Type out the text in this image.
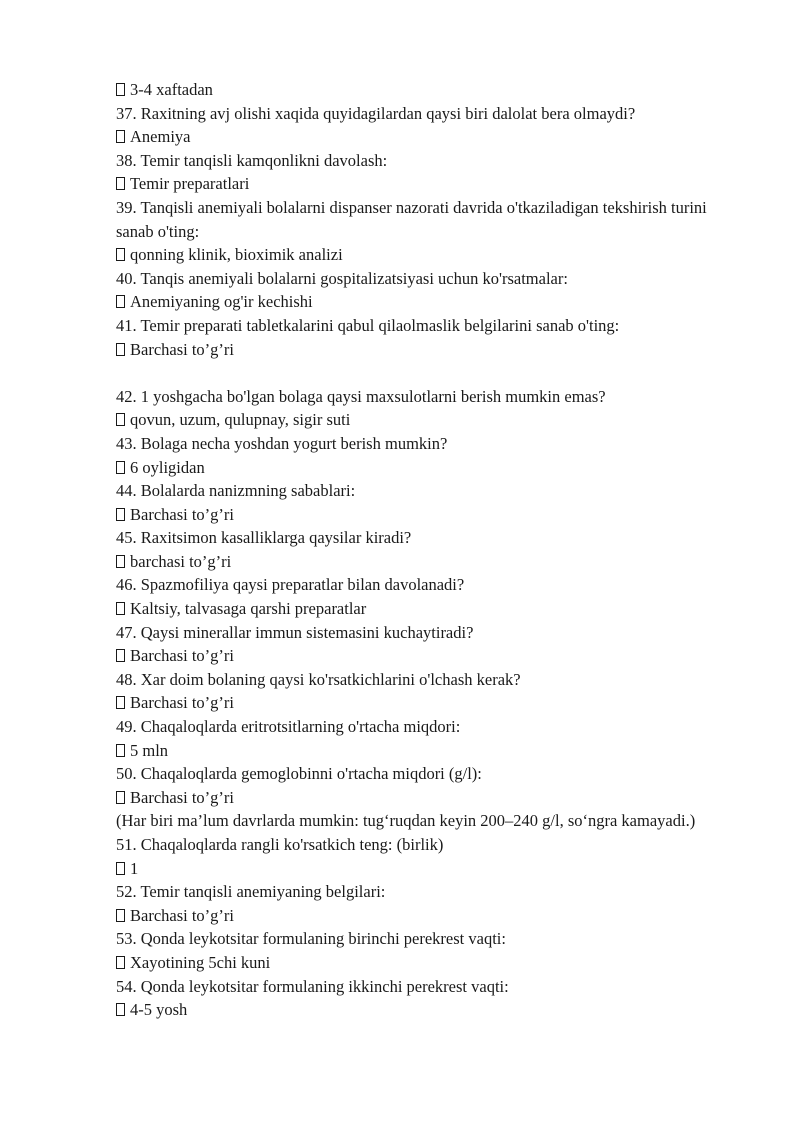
3-4 xaftadan
37. Raxitning avj olishi xaqida quyidagilardan qaysi biri dalolat bera olmaydi?
Anemiya
38. Temir tanqisli kamqonlikni davolash:
Temir preparatlari
39. Tanqisli anemiyali bolalarni dispanser nazorati davrida o'tkaziladigan tekshirish turini sanab o'ting:
qonning klinik, bioximik analizi
40. Tanqis anemiyali bolalarni gospitalizatsiyasi uchun ko'rsatmalar:
Anemiyaning og'ir kechishi
41. Temir preparati tabletkalarini qabul qilaolmaslik belgilarini sanab o'ting:
Barchasi to’g’ri
42. 1 yoshgacha bo'lgan bolaga qaysi maxsulotlarni berish mumkin emas?
qovun, uzum, qulupnay, sigir suti
43. Bolaga necha yoshdan yogurt berish mumkin?
6 oyligidan
44. Bolalarda nanizmning sabablari:
Barchasi to’g’ri
45. Raxitsimon kasalliklarga qaysilar kiradi?
barchasi to’g’ri
46. Spazmofiliya qaysi preparatlar bilan davolanadi?
Kaltsiy, talvasaga qarshi preparatlar
47. Qaysi minerallar immun sistemasini kuchaytiradi?
Barchasi to’g’ri
48. Xar doim bolaning qaysi ko'rsatkichlarini o'lchash kerak?
Barchasi to’g’ri
49. Chaqaloqlarda eritrotsitlarning o'rtacha miqdori:
5 mln
50. Chaqaloqlarda gemoglobinni o'rtacha miqdori (g/l):
Barchasi to’g’ri
(Har biri ma’lum davrlarda mumkin: tug‘ruqdan keyin 200–240 g/l, so‘ngra kamayadi.)
51. Chaqaloqlarda rangli ko'rsatkich teng: (birlik)
1
52. Temir tanqisli anemiyaning belgilari:
Barchasi to’g’ri
53. Qonda leykotsitar formulaning birinchi perekrest vaqti:
Xayotining 5chi kuni
54. Qonda leykotsitar formulaning ikkinchi perekrest vaqti:
4-5 yosh
